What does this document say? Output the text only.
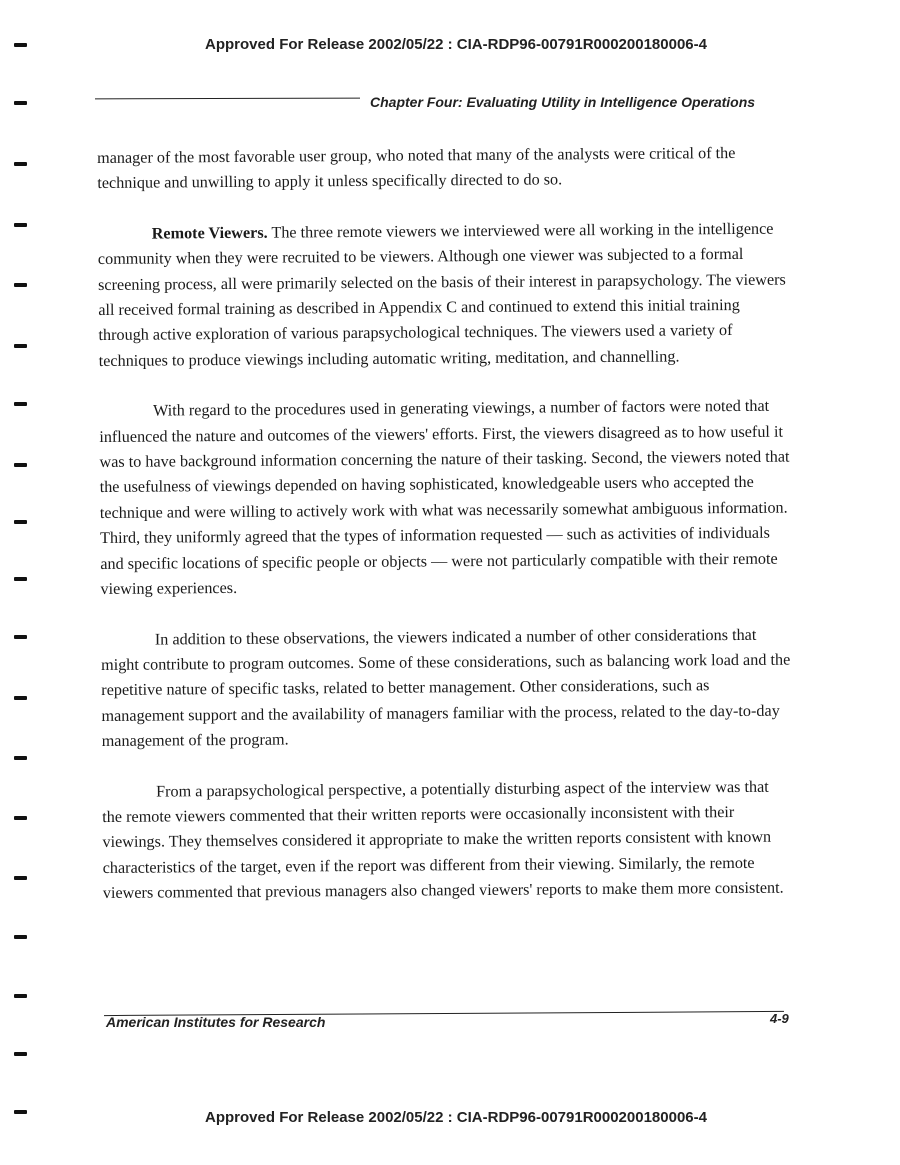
Approved For Release 2002/05/22 : CIA-RDP96-00791R000200180006-4
Chapter Four: Evaluating Utility in Intelligence Operations

manager of the most favorable user group, who noted that many of the analysts were critical of the technique and unwilling to apply it unless specifically directed to do so.

Remote Viewers. The three remote viewers we interviewed were all working in the intelligence community when they were recruited to be viewers. Although one viewer was subjected to a formal screening process, all were primarily selected on the basis of their interest in parapsychology. The viewers all received formal training as described in Appendix C and continued to extend this initial training through active exploration of various parapsychological techniques. The viewers used a variety of techniques to produce viewings including automatic writing, meditation, and channelling.

With regard to the procedures used in generating viewings, a number of factors were noted that influenced the nature and outcomes of the viewers' efforts. First, the viewers disagreed as to how useful it was to have background information concerning the nature of their tasking. Second, the viewers noted that the usefulness of viewings depended on having sophisticated, knowledgeable users who accepted the technique and were willing to actively work with what was necessarily somewhat ambiguous information. Third, they uniformly agreed that the types of information requested — such as activities of individuals and specific locations of specific people or objects — were not particularly compatible with their remote viewing experiences.

In addition to these observations, the viewers indicated a number of other considerations that might contribute to program outcomes. Some of these considerations, such as balancing work load and the repetitive nature of specific tasks, related to better management. Other considerations, such as management support and the availability of managers familiar with the process, related to the day-to-day management of the program.

From a parapsychological perspective, a potentially disturbing aspect of the interview was that the remote viewers commented that their written reports were occasionally inconsistent with their viewings. They themselves considered it appropriate to make the written reports consistent with known characteristics of the target, even if the report was different from their viewing. Similarly, the remote viewers commented that previous managers also changed viewers' reports to make them more consistent.

American Institutes for Research	4-9
Approved For Release 2002/05/22 : CIA-RDP96-00791R000200180006-4
